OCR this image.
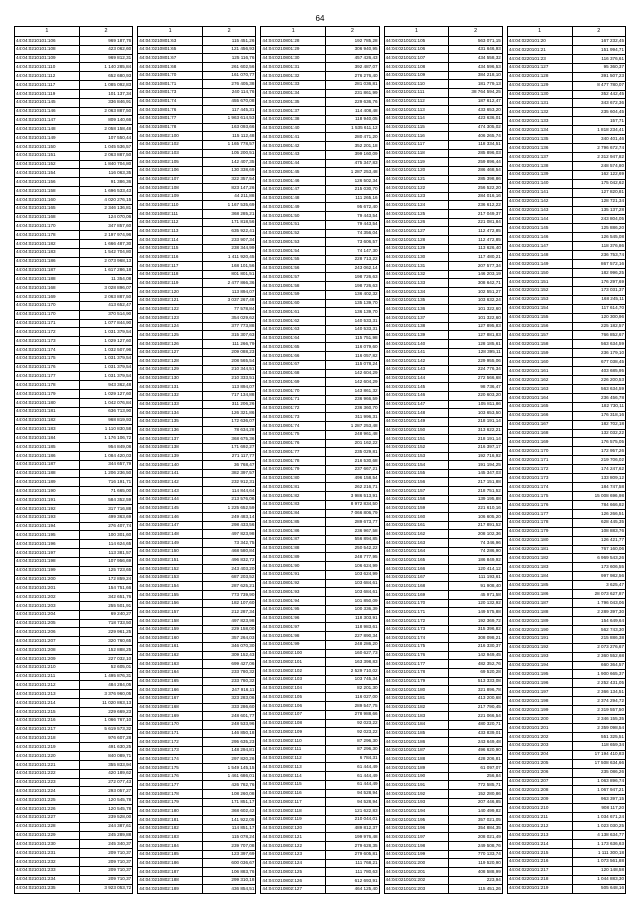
64
1	2
44:04:0210101:106	969 187,76
44:04:0210101:108	423 062,60
44:04:0210101:109	969 812,31
44:04:0210101:110	1 140 285,84
44:04:0210101:112	652 680,93
44:04:0210101:117	1 085 092,83
44:04:0210101:119	101 137,34
44:04:0210101:145	336 846,91
44:04:0210101:146	2 063 887,50
44:04:0210101:147	809 140,66
44:04:0210101:148	2 058 158,48
44:04:0210101:149	107 550,44
44:04:0210101:150	1 045 536,57
44:04:0210101:151	2 063 887,50
44:04:0210101:152	1 840 704,80
44:04:0210101:154	116 063,35
44:04:0210101:156	91 386,36
44:04:0210101:158	1 696 533,43
44:04:0210101:160	4 020 276,15
44:04:0210101:165	2 346 136,81
44:04:0210101:168	124 070,06
44:04:0210101:170	347 857,60
44:04:0210101:178	2 197 974,96
44:04:0210101:182	1 666 487,30
44:04:0210101:183	1 542 704,80
44:04:0210101:186	2 073 968,13
44:04:0210101:187	1 617 286,18
44:04:0210101:188	11 354,08
44:04:0210101:168	3 028 896,07
44:04:0210101:169	2 063 887,50
44:04:0210101:170	413 652,47
44:04:0210101:170	370 514,90
44:04:0210101:171	1 077 844,90
44:04:0210101:172	1 031 379,54
44:04:0210101:173	1 029 127,60
44:04:0210101:174	1 032 507,96
44:04:0210101:175	1 031 379,54
44:04:0210101:176	1 031 379,54
44:04:0210101:177	1 031 379,54
44:04:0210101:178	943 362,48
44:04:0210101:179	1 029 127,60
44:04:0210101:180	1 042 076,84
44:04:0210101:181	636 713,90
44:04:0210101:182	968 819,93
44:04:0210101:183	1 110 830,58
44:04:0210101:184	1 176 106,72
44:04:0210101:185	954 849,08
44:04:0210101:186	1 084 420,03
44:04:0210101:187	344 657,79
44:04:0210101:188	1 206 236,50
44:04:0210101:189	716 191,71
44:04:0210101:190	71 665,00
44:04:0210101:191	584 352,59
44:04:0210101:192	317 716,88
44:04:0210101:193	499 363,69
44:04:0210101:194	276 407,74
44:04:0210101:195	100 301,60
44:04:0210101:196	114 624,65
44:04:0210101:197	113 381,57
44:04:0210101:198	107 956,69
44:04:0210101:199	125 723,65
44:04:0210101:200	172 859,24
44:04:0210101:201	154 751,66
44:04:0210101:202	342 651,76
44:04:0210101:203	255 501,91
44:04:0210101:204	69 240,27
44:04:0210101:205	718 733,50
44:04:0210101:206	229 961,25
44:04:0210101:207	320 760,65
44:04:0210101:208	152 888,25
44:04:0210101:209	227 032,10
44:04:0210101:210	52 605,01
44:04:0210101:211	1 495 876,31
44:04:0210101:212	484 284,05
44:04:0210101:213	3 376 960,05
44:04:0210101:214	11 020 863,13
44:04:0210101:215	229 669,23
44:04:0210101:216	1 066 767,10
44:04:0210101:217	5 619 573,32
44:04:0210101:218	976 607,28
44:04:0210101:219	491 630,25
44:04:0210101:220	840 089,71
44:04:0210101:221	355 833,94
44:04:0210101:222	420 189,62
44:04:0210101:223	272 077,43
44:04:0210101:224	293 057,27
44:04:0210101:225	120 545,78
44:04:0210101:226	120 545,78
44:04:0210101:227	239 528,00
44:04:0210101:228	244 387,61
44:04:0210101:229	245 289,88
44:04:0210101:230	245 340,37
44:04:0210101:231	209 710,37
44:04:0210101:232	209 710,37
44:04:0210101:233	209 710,37
44:04:0210101:234	209 710,37
44:04:0210101:235	3 923 053,72
1	2
44:04:0210801:63	115 451,26
44:04:0210801:65	121 456,93
44:04:0210801:67	125 116,76
44:04:0210801:68	261 602,56
44:04:0210801:70	161 070,77
44:04:0210801:71	276 405,38
44:04:0210801:73	240 114,76
44:04:0210801:74	455 670,08
44:04:0210801:76	117 445,31
44:04:0210801:77	1 963 614,53
44:04:0210801:78	163 093,66
44:04:0210802:100	115 112,48
44:04:0210802:102	1 165 778,57
44:04:0210802:103	105 200,51
44:04:0210802:105	142 407,35
44:04:0210802:106	130 338,69
44:04:0210802:107	322 357,54
44:04:0210802:108	823 147,26
44:04:0210802:109	44 211,88
44:04:0210802:110	1 167 535,69
44:04:0210802:111	368 285,21
44:04:0210802:112	171 818,56
44:04:0210802:113	635 922,41
44:04:0210802:114	233 907,34
44:04:0210802:115	238 344,99
44:04:0210802:116	1 411 920,45
44:04:0210802:117	168 101,56
44:04:0210802:118	801 801,51
44:04:0210802:119	2 477 866,36
44:04:0210802:120	113 894,07
44:04:0210802:121	3 037 267,48
44:04:0210802:122	77 578,84
44:04:0210802:123	354 029,62
44:04:0210802:124	377 773,88
44:04:0210802:125	315 307,63
44:04:0210802:126	111 266,79
44:04:0210802:127	209 088,23
44:04:0210802:128	208 565,54
44:04:0210802:129	210 344,51
44:04:0210802:130	210 333,51
44:04:0210802:131	113 894,07
44:04:0210802:132	717 134,88
44:04:0210802:133	311 206,26
44:04:0210802:134	126 321,86
44:04:0210802:135	172 636,07
44:04:0210802:136	78 634,28
44:04:0210802:137	368 675,36
44:04:0210802:138	171 692,27
44:04:0210802:139	271 117,77
44:04:0210802:140	36 768,47
44:04:0210802:141	382 397,57
44:04:0210802:142	232 912,31
44:04:0210802:143	114 844,64
44:04:0210802:144	213 576,06
44:04:0210802:145	1 225 652,59
44:04:0210802:146	249 483,14
44:04:0210802:147	298 433,56
44:04:0210802:148	497 823,98
44:04:0210802:149	73 342,75
44:04:0210802:150	468 580,84
44:04:0210802:151	496 832,72
44:04:0210802:152	243 403,20
44:04:0210802:153	687 203,52
44:04:0210802:154	287 625,21
44:04:0210802:155	773 739,90
44:04:0210802:156	182 107,60
44:04:0210802:157	212 287,34
44:04:0210802:158	497 823,98
44:04:0210802:159	229 158,00
44:04:0210802:160	357 264,03
44:04:0210802:161	346 070,30
44:04:0210802:162	309 152,43
44:04:0210802:163	699 427,06
44:04:0210802:164	233 780,32
44:04:0210802:165	233 780,32
44:04:0210802:166	247 916,11
44:04:0210802:167	323 283,06
44:04:0210802:168	333 286,60
44:04:0210802:169	248 601,77
44:04:0210802:170	248 533,96
44:04:0210802:171	146 850,18
44:04:0210802:172	295 635,23
44:04:0210802:173	148 294,81
44:04:0210802:174	297 820,26
44:04:0210802:175	1 549 145,15
44:04:0210802:176	1 461 686,01
44:04:0210802:177	426 782,76
44:04:0210802:178	108 260,08
44:04:0210802:179	171 851,17
44:04:0210802:180	368 602,42
44:04:0210802:181	141 922,05
44:04:0210802:182	114 851,17
44:04:0210802:183	115 078,24
44:04:0210802:184	239 707,08
44:04:0210802:185	123 397,69
44:04:0210802:186	600 036,67
44:04:0210802:187	106 883,76
44:04:0210802:188	299 310,18
44:04:0210802:189	436 854,51
1	2
44:04:0210801:28	192 785,28
44:04:0210801:29	306 940,95
44:04:0210801:30	457 426,43
44:04:0210801:31	392 487,07
44:04:0210801:32	276 276,40
44:04:0210801:33	281 036,81
44:04:0210801:34	231 861,99
44:04:0210801:35	229 636,76
44:04:0210801:37	114 408,48
44:04:0210801:38	118 940,05
44:04:0210801:40	1 535 611,12
44:04:0210801:41	280 471,20
44:04:0210801:42	352 201,18
44:04:0210801:43	399 160,09
44:04:0210801:44	475 347,83
44:04:0210801:45	1 287 253,48
44:04:0210801:46	126 502,34
44:04:0210801:47	215 030,70
44:04:0210801:48	111 265,16
44:04:0210801:49	95 672,40
44:04:0210801:50	79 443,54
44:04:0210801:51	79 443,54
44:04:0210801:52	74 356,04
44:04:0210801:53	73 606,57
44:04:0210801:54	74 147,30
44:04:0210801:55	228 713,22
44:04:0210801:56	243 062,14
44:04:0210801:57	198 726,63
44:04:0210801:58	198 726,63
44:04:0210801:59	136 402,32
44:04:0210801:60	135 139,70
44:04:0210801:61	136 139,70
44:04:0210801:62	140 533,31
44:04:0210801:63	140 533,31
44:04:0210801:64	115 751,98
44:04:0210801:65	116 079,60
44:04:0210801:66	116 057,82
44:04:0210801:67	115 078,24
44:04:0210801:68	142 604,29
44:04:0210801:69	142 604,29
44:04:0210801:70	143 861,32
44:04:0210801:71	236 966,59
44:04:0210801:72	236 360,70
44:04:0210801:73	311 996,31
44:04:0210801:74	1 287 253,48
44:04:0210801:75	248 961,48
44:04:0210801:76	201 162,22
44:04:0210801:77	235 029,81
44:04:0210801:78	216 530,68
44:04:0210801:79	237 667,21
44:04:0210801:80	496 158,54
44:04:0210801:81	262 216,71
44:04:0210801:82	3 986 513,91
44:04:0210801:83	8 972 834,50
44:04:0210801:84	7 066 806,79
44:04:0210801:85	289 673,77
44:04:0210801:86	236 967,58
44:04:0210801:87	556 894,85
44:04:0210801:88	250 542,22
44:04:0210801:89	248 777,95
44:04:0210801:90	106 624,99
44:04:0210801:91	103 624,99
44:04:0210801:92	103 684,61
44:04:0210801:93	103 684,61
44:04:0210801:94	101 850,09
44:04:0210801:95	100 336,39
44:04:0210801:96	118 303,91
44:04:0210801:97	118 983,61
44:04:0210801:98	227 890,34
44:04:0210801:99	248 286,20
44:04:0210802:100	160 627,73
44:04:0210802:101	163 398,83
44:04:0210802:102	2 529 710,02
44:04:0210802:103	103 745,34
44:04:0210802:104	82 201,30
44:04:0210802:105	116 027,00
44:04:0210802:106	289 547,75
44:04:0210802:107	278 988,66
44:04:0210802:108	92 023,22
44:04:0210802:109	92 023,22
44:04:0210802:110	87 296,30
44:04:0210802:111	87 296,30
44:04:0210802:112	6 784,31
44:04:0210802:113	61 444,49
44:04:0210802:114	61 444,49
44:04:0210802:115	61 444,49
44:04:0210802:116	94 528,94
44:04:0210802:117	94 528,94
44:04:0210802:118	121 622,83
44:04:0210802:119	210 044,01
44:04:0210802:120	489 812,37
44:04:0210802:121	199 976,48
44:04:0210802:122	279 628,35
44:04:0210802:123	279 605,81
44:04:0210802:124	111 768,21
44:04:0210802:125	111 780,63
44:04:0210802:126	612 693,91
44:04:0210802:127	464 125,40
1	2
44:04:0210101:105	563 071,15
44:04:0210101:106	431 646,93
44:04:0210101:107	434 558,32
44:04:0210101:108	434 596,53
44:04:0210101:109	384 218,10
44:04:0210101:110	181 779,13
44:04:0210101:111	38 764 594,25
44:04:0210101:112	187 612,47
44:04:0210101:113	433 653,20
44:04:0210101:114	423 636,01
44:04:0210101:115	474 305,02
44:04:0210101:116	406 265,74
44:04:0210101:117	118 334,51
44:04:0210101:118	285 896,03
44:04:0210101:119	259 896,44
44:04:0210101:120	286 468,54
44:04:0210101:121	285 398,86
44:04:0210101:122	256 522,20
44:04:0210101:123	284 016,16
44:04:0210101:124	236 612,22
44:04:0210101:125	217 049,37
44:04:0210101:126	221 081,84
44:04:0210101:127	112 472,85
44:04:0210101:128	112 472,85
44:04:0210101:129	113 626,40
44:04:0210101:130	117 480,21
44:04:0210101:131	207 577,34
44:04:0210101:132	146 203,19
44:04:0210101:133	308 642,71
44:04:0210101:134	102 551,27
44:04:0210101:135	103 632,24
44:04:0210101:136	101 322,60
44:04:0210101:137	101 322,60
44:04:0210101:138	127 895,83
44:04:0210101:139	127 881,83
44:04:0210101:140	128 185,61
44:04:0210101:141	128 395,11
44:04:0210101:142	229 955,06
44:04:0210101:143	224 776,34
44:04:0210101:144	272 566,68
44:04:0210101:145	98 736,47
44:04:0210101:146	220 603,20
44:04:0210101:147	105 811,86
44:04:0210101:148	103 653,50
44:04:0210101:149	218 191,14
44:04:0210101:150	313 622,21
44:04:0210101:151	218 191,14
44:04:0210101:152	216 397,17
44:04:0210101:153	192 716,92
44:04:0210101:154	191 194,25
44:04:0210101:155	145 347,03
44:04:0210101:156	217 151,88
44:04:0210101:157	218 751,52
44:04:0210101:158	139 195,88
44:04:0210101:159	221 610,16
44:04:0210101:160	106 605,20
44:04:0210101:161	217 891,52
44:04:0210101:162	208 102,36
44:04:0210101:163	74 346,96
44:04:0210101:164	74 286,90
44:04:0210101:165	186 849,92
44:04:0210101:166	120 414,12
44:04:0210101:167	111 193,61
44:04:0210101:168	91 908,40
44:04:0210101:169	45 971,58
44:04:0210101:170	120 132,92
44:04:0210101:171	149 575,88
44:04:0210101:172	192 369,72
44:04:0210101:173	315 396,82
44:04:0210101:174	308 098,21
44:04:0210101:175	216 330,37
44:04:0210101:176	142 949,45
44:04:0210101:177	482 352,76
44:04:0210101:178	69 520,28
44:04:0210101:179	513 333,08
44:04:0210101:180	321 896,78
44:04:0210101:181	413 200,68
44:04:0210101:182	217 790,45
44:04:0210101:183	221 066,54
44:04:0210101:184	480 320,71
44:04:0210101:185	433 839,01
44:04:0210101:186	243 649,48
44:04:0210101:187	496 620,90
44:04:0210101:188	428 206,81
44:04:0210101:189	61 097,07
44:04:0210101:190	256,84
44:04:0210101:191	772 585,71
44:04:0210101:192	152 280,86
44:04:0210101:193	207 446,85
44:04:0210101:194	140 499,82
44:04:0210101:195	357 021,05
44:04:0210101:196	354 884,35
44:04:0210101:197	208 021,49
44:04:0210101:198	249 508,76
44:04:0210101:199	770 133,74
44:04:0210101:200	119 520,90
44:04:0210101:201	408 588,99
44:04:0210101:202	223,94
44:04:0210101:203	115 451,26
1	2
44:04:0220101:20	167 232,45
44:04:0220101:21	151 994,71
44:04:0220101:23	116 376,61
44:04:0220101:127	95 360,37
44:04:0220101:128	391 507,23
44:04:0220101:129	8 477 780,07
44:04:0220101:130	352 442,45
44:04:0220101:131	343 672,36
44:04:0220101:132	235 604,45
44:04:0220101:133	157,71
44:04:0220101:134	1 818 234,41
44:04:0220101:135	340 401,46
44:04:0220101:136	2 796 672,74
44:04:0220101:137	2 312 947,82
44:04:0220101:138	248 574,80
44:04:0220101:139	162 122,69
44:04:0220101:140	175 042,62
44:04:0220101:141	127 820,81
44:04:0220101:142	128 721,34
44:04:0220101:143	135 137,28
44:04:0220101:144	243 804,05
44:04:0220101:145	125 886,20
44:04:0220101:146	126 545,08
44:04:0220101:147	118 376,86
44:04:0220101:148	236 753,74
44:04:0220101:149	867 572,16
44:04:0220101:150	182 996,25
44:04:0220101:151	176 297,69
44:04:0220101:152	173 031,37
44:04:0220101:153	168 245,11
44:04:0220101:154	117 614,70
44:04:0220101:155	120 300,96
44:04:0220101:156	225 182,57
44:04:0220101:157	766 852,67
44:04:0220101:158	563 634,59
44:04:0220101:159	236 179,10
44:04:0220101:160	677 038,45
44:04:0220101:161	403 685,95
44:04:0220101:162	226 200,53
44:04:0220101:163	563 634,59
44:04:0220101:164	236 456,78
44:04:0220101:165	182 730,11
44:04:0220101:166	176 318,16
44:04:0220101:167	182 702,18
44:04:0220101:168	132 032,22
44:04:0220101:169	176 575,05
44:04:0220101:170	172 957,26
44:04:0220101:171	219 706,02
44:04:0220101:172	174 247,62
44:04:0220101:173	133 809,12
44:04:0220101:174	184 747,58
44:04:0220101:175	15 008 696,98
44:04:0220101:176	784 666,82
44:04:0220101:177	126 266,51
44:04:0220101:178	628 445,35
44:04:0220101:179	108 883,76
44:04:0220101:180	126 421,77
44:04:0220101:181	767 160,06
44:04:0220101:182	6 969 543,26
44:04:0220101:183	173 606,55
44:04:0220101:184	997 982,56
44:04:0220101:185	3 625,47
44:04:0220101:186	28 073 627,87
44:04:0220101:187	1 796 043,06
44:04:0220101:188	2 289 397,30
44:04:0220101:189	154 649,64
44:04:0220101:190	562 743,30
44:04:0220101:191	215 886,38
44:04:0220101:192	2 073 276,67
44:04:0220101:193	2 360 552,68
44:04:0220101:194	660 364,57
44:04:0220101:195	1 900 665,37
44:04:0220101:196	2 252 431,05
44:04:0220101:197	2 366 134,51
44:04:0220101:198	2 374 294,72
44:04:0220101:199	2 319 557,50
44:04:0220101:200	2 346 155,35
44:04:0220101:201	2 359 098,54
44:04:0220101:202	551 325,51
44:04:0220101:203	118 659,34
44:04:0220101:204	17 194 410,83
44:04:0220101:205	17 508 634,66
44:04:0220101:206	235 086,26
44:04:0220101:207	1 063 896,74
44:04:0220101:208	1 067 947,21
44:04:0220101:209	963 397,15
44:04:0220101:210	908 117,20
44:04:0220101:211	1 034 671,24
44:04:0220101:212	1 023 030,25
44:04:0220101:213	4 138 634,77
44:04:0220101:214	1 173 636,63
44:04:0220101:215	1 111 300,18
44:04:0220101:216	1 073 561,88
44:04:0220101:217	120 148,58
44:04:0220101:218	1 044 883,30
44:04:0220101:219	505 648,16
